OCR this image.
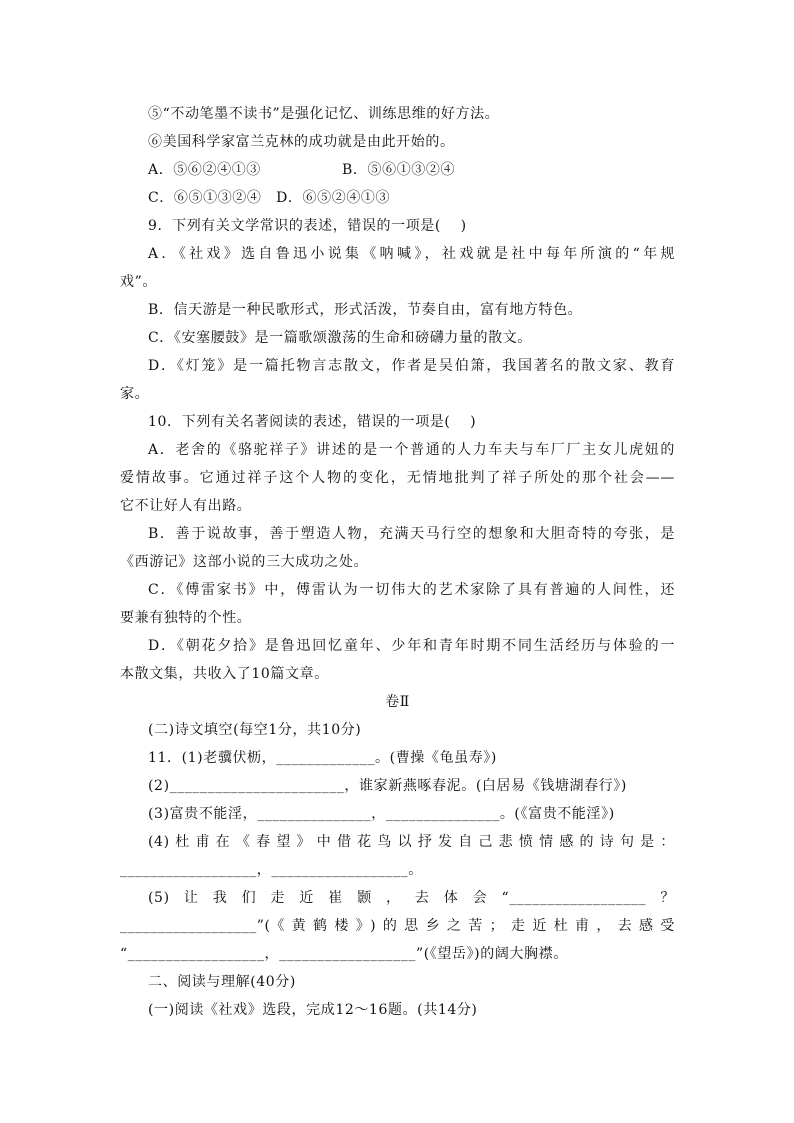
⑤“不动笔墨不读书”是强化记忆、训练思维的好方法。
⑥美国科学家富兰克林的成功就是由此开始的。
A．⑤⑥②④①③	B．⑤⑥①③②④
C．⑥⑤①③②④　D．⑥⑤②④①③
9．下列有关文学常识的表述，错误的一项是(　 )
A．《社戏》选自鲁迅小说集《呐喊》，社戏就是社中每年所演的“年规
戏”。
B．信天游是一种民歌形式，形式活泼，节奏自由，富有地方特色。
C．《安塞腰鼓》是一篇歌颂激荡的生命和磅礴力量的散文。
D．《灯笼》是一篇托物言志散文，作者是吴伯箫，我国著名的散文家、教育
家。
10．下列有关名著阅读的表述，错误的一项是(　 )
A．老舍的《骆驼祥子》讲述的是一个普通的人力车夫与车厂厂主女儿虎妞的
爱情故事。它通过祥子这个人物的变化，无情地批判了祥子所处的那个社会——
它不让好人有出路。
B．善于说故事，善于塑造人物，充满天马行空的想象和大胆奇特的夸张，是
《西游记》这部小说的三大成功之处。
C．《傅雷家书》中，傅雷认为一切伟大的艺术家除了具有普遍的人间性，还
要兼有独特的个性。
D．《朝花夕拾》是鲁迅回忆童年、少年和青年时期不同生活经历与体验的一
本散文集，共收入了10篇文章。
卷Ⅱ
(二)诗文填空(每空1分，共10分)
11．(1)老骥伏枥，_____________。(曹操《龟虽寿》)
(2)_______________________，谁家新燕啄春泥。(白居易《钱塘湖春行》)
(3)富贵不能淫，_______________，_______________。(《富贵不能淫》)
(4)杜甫在《春望》中借花鸟以抒发自己悲愤情感的诗句是：
__________________，__________________。
(5)让我们走近崔颢，去体会“__________________？
__________________”(《黄鹤楼》)的思乡之苦；走近杜甫，去感受
“__________________，__________________”(《望岳》)的阔大胸襟。
二、阅读与理解(40分)
(一)阅读《社戏》选段，完成12～16题。(共14分)
